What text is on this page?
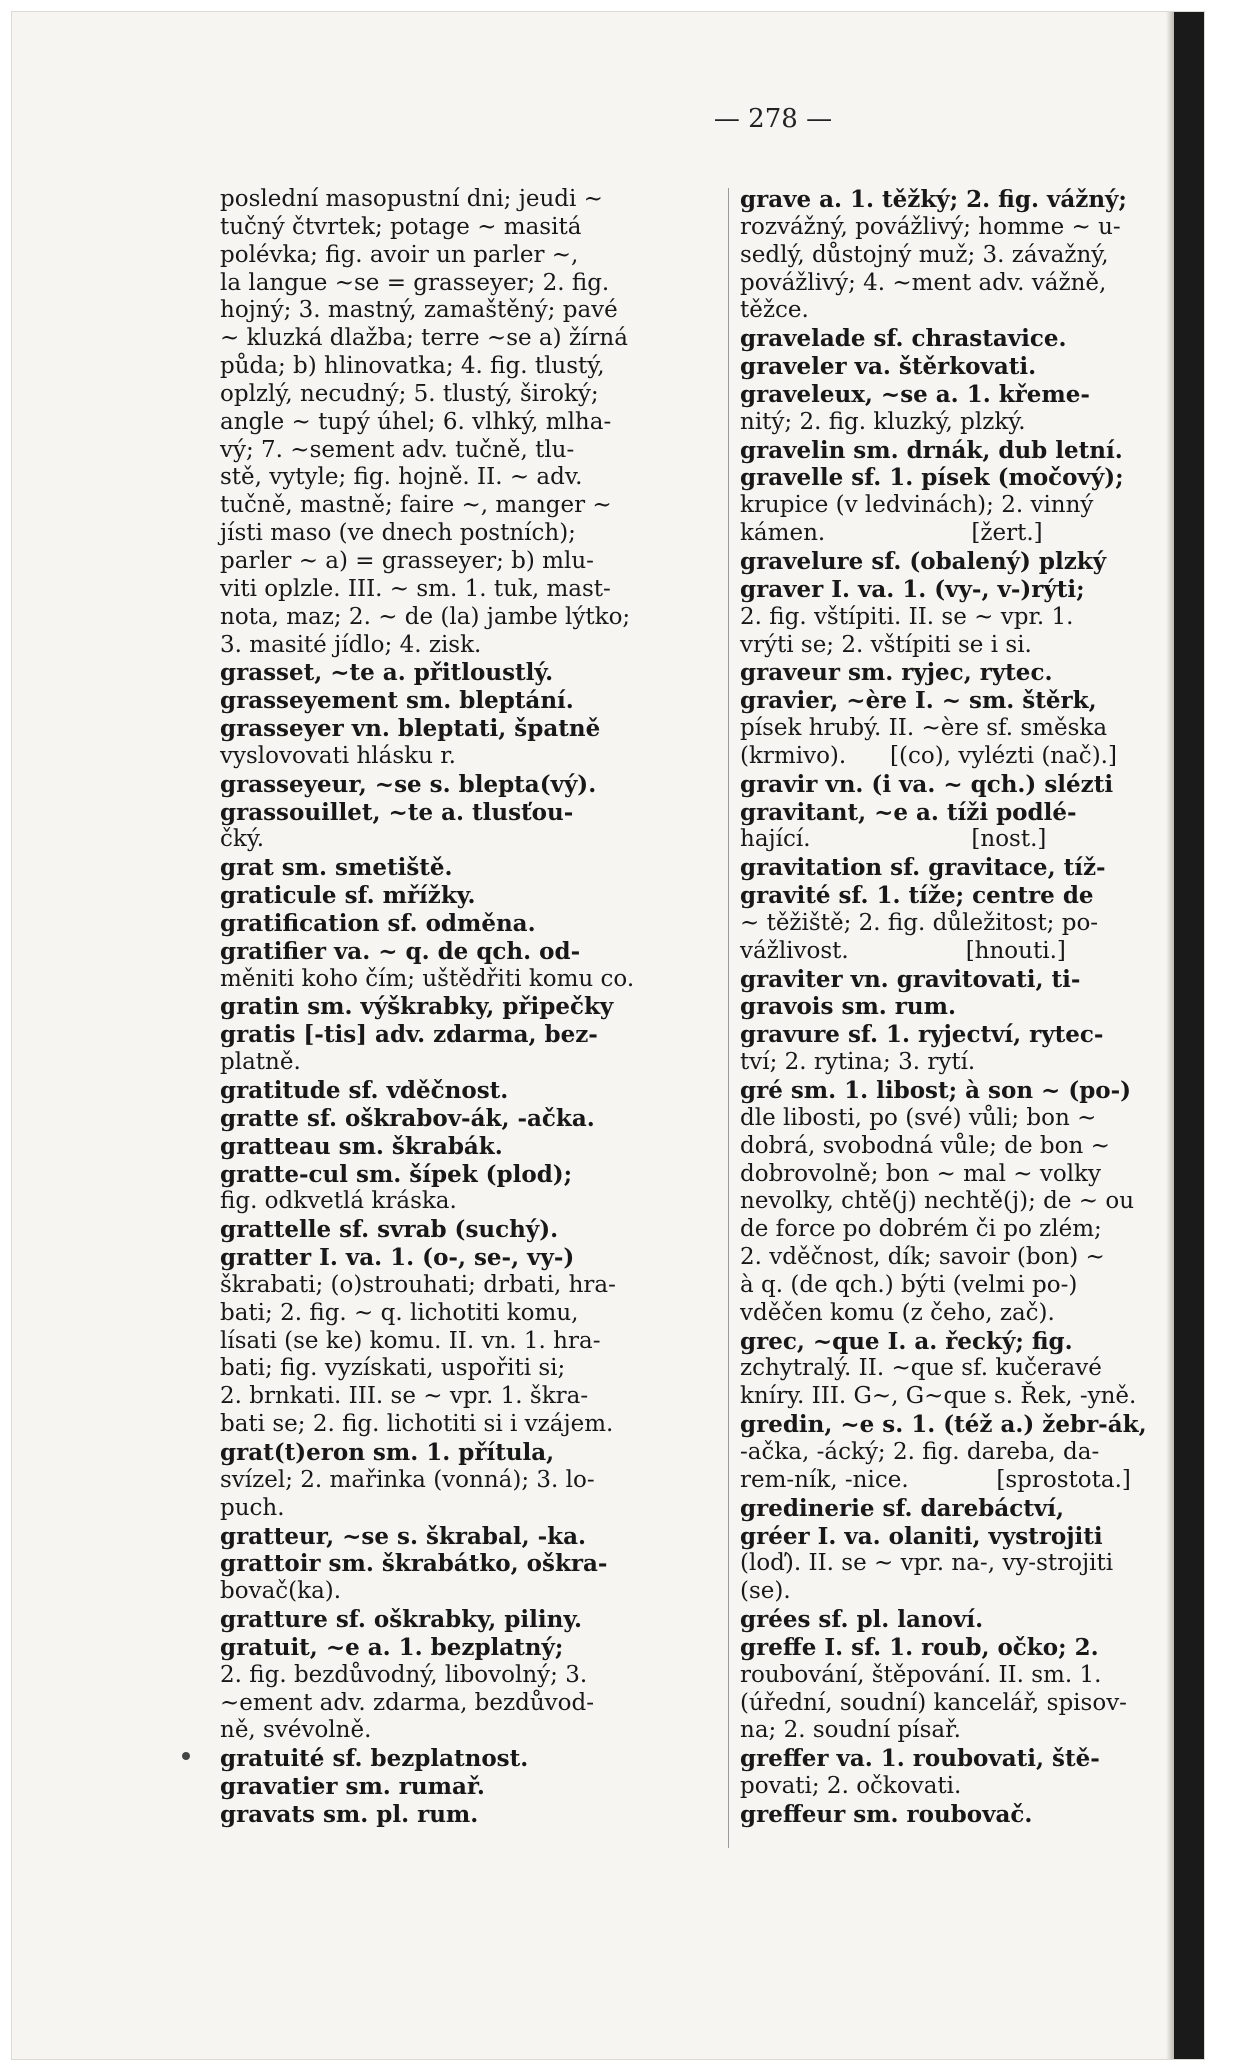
— 278 —
poslední masopustní dni; jeudi ~
tučný čtvrtek; potage ~ masitá
polévka; fig. avoir un parler ~,
la langue ~se = grasseyer; 2. fig.
hojný; 3. mastný, zamaštěný; pavé
~ kluzká dlažba; terre ~se a) žírná
půda; b) hlinovatka; 4. fig. tlustý,
oplzlý, necudný; 5. tlustý, široký;
angle ~ tupý úhel; 6. vlhký, mlha-
vý; 7. ~sement adv. tučně, tlu-
stě, vytyle; fig. hojně. II. ~ adv.
tučně, mastně; faire ~, manger ~
jísti maso (ve dnech postních);
parler ~ a) = grasseyer; b) mlu-
viti oplzle. III. ~ sm. 1. tuk, mast-
nota, maz; 2. ~ de (la) jambe lýtko;
3. masité jídlo; 4. zisk.
grasset, ~te a. přitloustlý.
grasseyement sm. bleptání.
grasseyer vn. bleptati, špatně
vyslovovati hlásku r.
grasseyeur, ~se s. blepta(vý).
grassouillet, ~te a. tlusťou-
čký.
grat sm. smetiště.
graticule sf. mřížky.
gratification sf. odměna.
gratifier va. ~ q. de qch. od-
měniti koho čím; uštědřiti komu co.
gratin sm. výškrabky, připečky
gratis [-tis] adv. zdarma, bez-
platně.
gratitude sf. vděčnost.
gratte sf. oškrabov-ák, -ačka.
gratteau sm. škrabák.
gratte-cul sm. šípek (plod);
fig. odkvetlá kráska.
grattelle sf. svrab (suchý).
gratter I. va. 1. (o-, se-, vy-)
škrabati; (o)strouhati; drbati, hra-
bati; 2. fig. ~ q. lichotiti komu,
lísati (se ke) komu. II. vn. 1. hra-
bati; fig. vyzískati, uspořiti si;
2. brnkati. III. se ~ vpr. 1. škra-
bati se; 2. fig. lichotiti si i vzájem.
grat(t)eron sm. 1. přítula,
svízel; 2. mařinka (vonná); 3. lo-
puch.
gratteur, ~se s. škrabal, -ka.
grattoir sm. škrabátko, oškra-
bovač(ka).
gratture sf. oškrabky, piliny.
gratuit, ~e a. 1. bezplatný;
2. fig. bezdůvodný, libovolný; 3.
~ement adv. zdarma, bezdůvod-
ně, svévolně.
gratuité sf. bezplatnost.
gravatier sm. rumař.
gravats sm. pl. rum.
grave a. 1. těžký; 2. fig. vážný;
rozvážný, povážlivý; homme ~ u-
sedlý, důstojný muž; 3. závažný,
povážlivý; 4. ~ment adv. vážně,
těžce.
gravelade sf. chrastavice.
graveler va. štěrkovati.
graveleux, ~se a. 1. křeme-
nitý; 2. fig. kluzký, plzký.
gravelin sm. drnák, dub letní.
gravelle sf. 1. písek (močový);
krupice (v ledvinách); 2. vinný
kámen.                    [žert.]
gravelure sf. (obalený) plzký
graver I. va. 1. (vy-, v-)rýti;
2. fig. vštípiti. II. se ~ vpr. 1.
vrýti se; 2. vštípiti se i si.
graveur sm. ryjec, rytec.
gravier, ~ère I. ~ sm. štěrk,
písek hrubý. II. ~ère sf. směska
(krmivo).      [(co), vylézti (nač).]
gravir vn. (i va. ~ qch.) slézti
gravitant, ~e a. tíži podlé-
hající.                      [nost.]
gravitation sf. gravitace, tíž-
gravité sf. 1. tíže; centre de
~ těžiště; 2. fig. důležitost; po-
vážlivost.                [hnouti.]
graviter vn. gravitovati, ti-
gravois sm. rum.
gravure sf. 1. ryjectví, rytec-
tví; 2. rytina; 3. rytí.
gré sm. 1. libost; à son ~ (po-)
dle libosti, po (své) vůli; bon ~
dobrá, svobodná vůle; de bon ~
dobrovolně; bon ~ mal ~ volky
nevolky, chtě(j) nechtě(j); de ~ ou
de force po dobrém či po zlém;
2. vděčnost, dík; savoir (bon) ~
à q. (de qch.) býti (velmi po-)
vděčen komu (z čeho, zač).
grec, ~que I. a. řecký; fig.
zchytralý. II. ~que sf. kučeravé
kníry. III. G~, G~que s. Řek, -yně.
gredin, ~e s. 1. (též a.) žebr-ák,
-ačka, -ácký; 2. fig. dareba, da-
rem-ník, -nice.            [sprostota.]
gredinerie sf. darebáctví,
gréer I. va. olaniti, vystrojiti
(loď). II. se ~ vpr. na-, vy-strojiti
(se).
grées sf. pl. lanoví.
greffe I. sf. 1. roub, očko; 2.
roubování, štěpování. II. sm. 1.
(úřední, soudní) kancelář, spisov-
na; 2. soudní písař.
greffer va. 1. roubovati, ště-
povati; 2. očkovati.
greffeur sm. roubovač.
